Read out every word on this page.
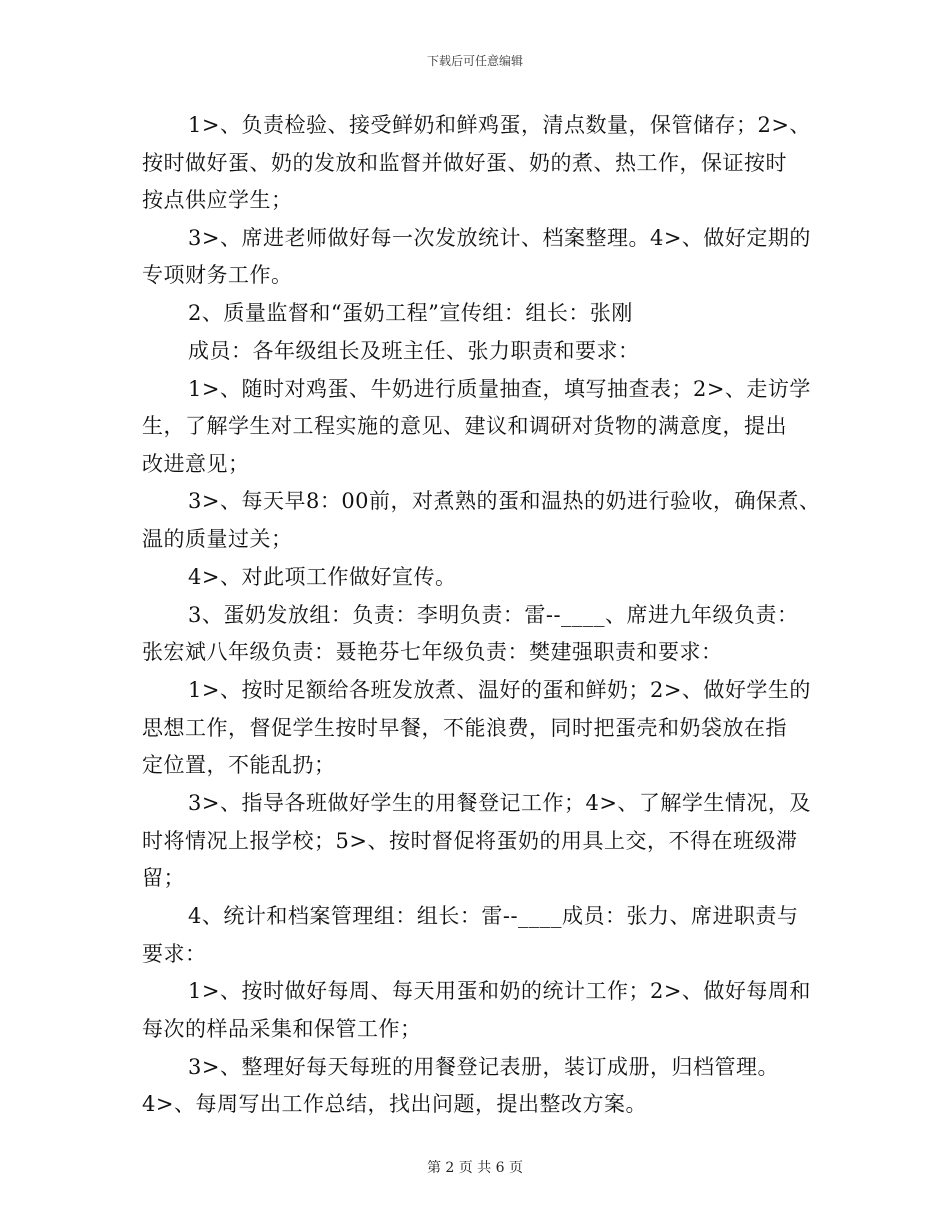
下载后可任意编辑
1>、负责检验、接受鲜奶和鲜鸡蛋，清点数量，保管储存；2>、
按时做好蛋、奶的发放和监督并做好蛋、奶的煮、热工作，保证按时
按点供应学生；
3>、席进老师做好每一次发放统计、档案整理。4>、做好定期的
专项财务工作。
2、质量监督和“蛋奶工程”宣传组：组长：张刚
成员：各年级组长及班主任、张力职责和要求：
1>、随时对鸡蛋、牛奶进行质量抽查，填写抽查表；2>、走访学
生，了解学生对工程实施的意见、建议和调研对货物的满意度，提出
改进意见；
3>、每天早8：00前，对煮熟的蛋和温热的奶进行验收，确保煮、
温的质量过关；
4>、对此项工作做好宣传。
3、蛋奶发放组：负责：李明负责：雷--____、席进九年级负责：
张宏斌八年级负责：聂艳芬七年级负责：樊建强职责和要求：
1>、按时足额给各班发放煮、温好的蛋和鲜奶；2>、做好学生的
思想工作，督促学生按时早餐，不能浪费，同时把蛋壳和奶袋放在指
定位置，不能乱扔；
3>、指导各班做好学生的用餐登记工作；4>、了解学生情况，及
时将情况上报学校；5>、按时督促将蛋奶的用具上交，不得在班级滞
留；
4、统计和档案管理组：组长：雷--____成员：张力、席进职责与
要求：
1>、按时做好每周、每天用蛋和奶的统计工作；2>、做好每周和
每次的样品采集和保管工作；
3>、整理好每天每班的用餐登记表册，装订成册，归档管理。
4>、每周写出工作总结，找出问题，提出整改方案。
第 2 页 共 6 页
